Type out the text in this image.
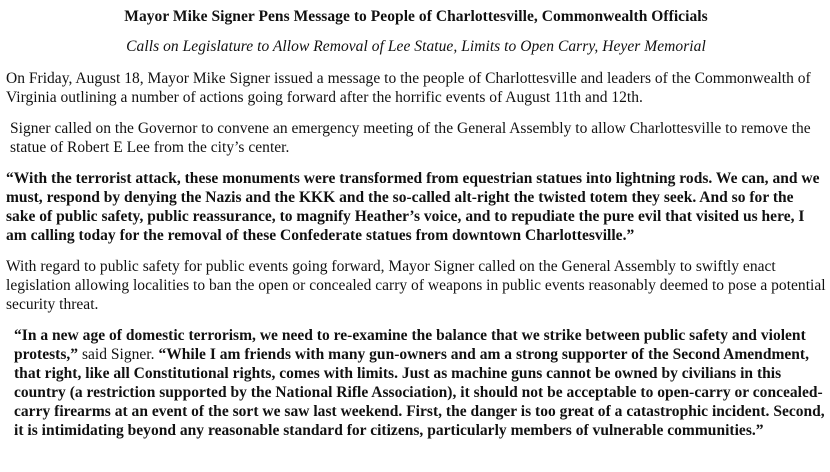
Mayor Mike Signer Pens Message to People of Charlottesville, Commonwealth Officials
Calls on Legislature to Allow Removal of Lee Statue, Limits to Open Carry, Heyer Memorial

On Friday, August 18, Mayor Mike Signer issued a message to the people of Charlottesville and leaders of the Commonwealth of Virginia outlining a number of actions going forward after the horrific events of August 11th and 12th.

Signer called on the Governor to convene an emergency meeting of the General Assembly to allow Charlottesville to remove the statue of Robert E Lee from the city’s center.

“With the terrorist attack, these monuments were transformed from equestrian statues into lightning rods. We can, and we must, respond by denying the Nazis and the KKK and the so-called alt-right the twisted totem they seek. And so for the sake of public safety, public reassurance, to magnify Heather’s voice, and to repudiate the pure evil that visited us here, I am calling today for the removal of these Confederate statues from downtown Charlottesville.”

With regard to public safety for public events going forward, Mayor Signer called on the General Assembly to swiftly enact legislation allowing localities to ban the open or concealed carry of weapons in public events reasonably deemed to pose a potential security threat.

“In a new age of domestic terrorism, we need to re-examine the balance that we strike between public safety and violent protests,” said Signer. “While I am friends with many gun-owners and am a strong supporter of the Second Amendment, that right, like all Constitutional rights, comes with limits. Just as machine guns cannot be owned by civilians in this country (a restriction supported by the National Rifle Association), it should not be acceptable to open-carry or concealed-carry firearms at an event of the sort we saw last weekend. First, the danger is too great of a catastrophic incident. Second, it is intimidating beyond any reasonable standard for citizens, particularly members of vulnerable communities.”
